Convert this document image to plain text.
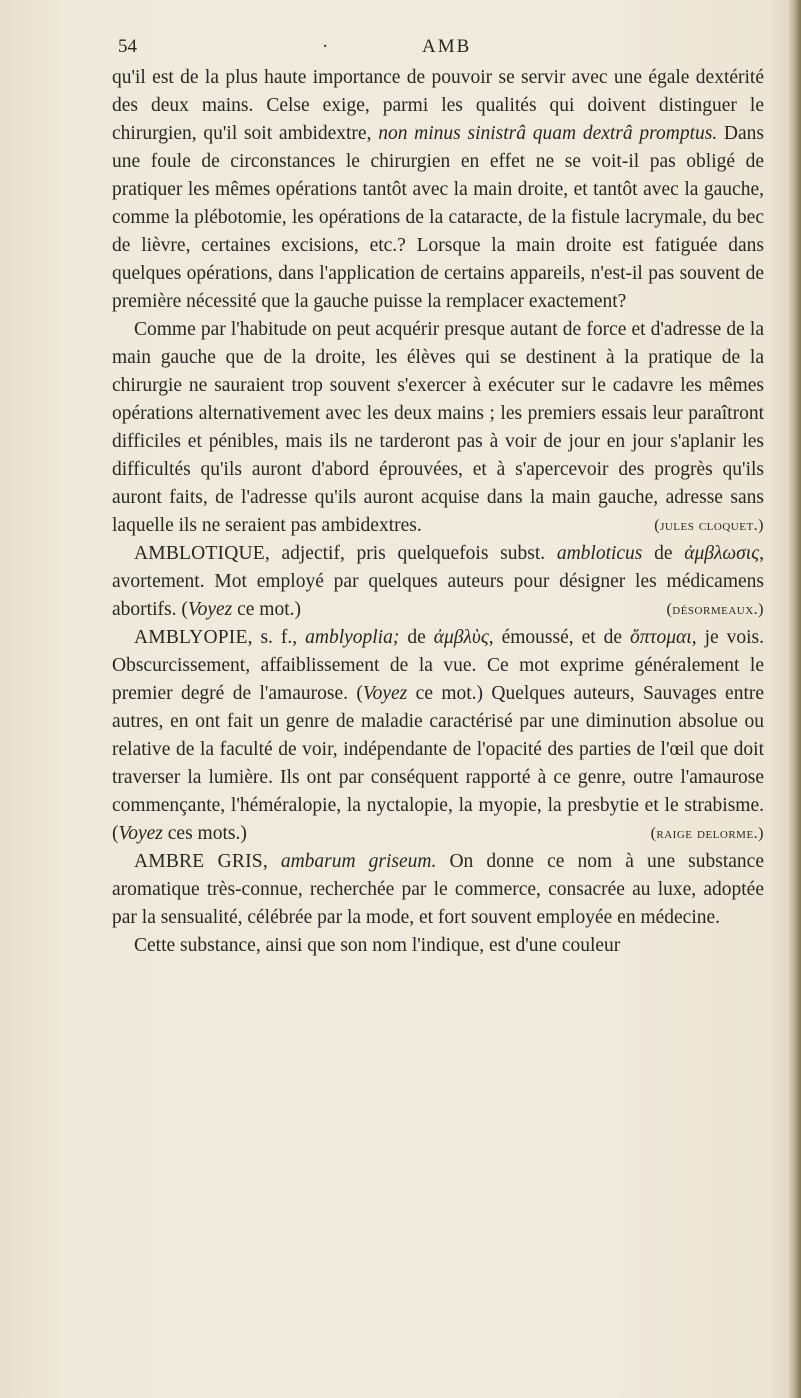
54	·	AMB

qu'il est de la plus haute importance de pouvoir se servir avec une égale dextérité des deux mains. Celse exige, parmi les qualités qui doivent distinguer le chirurgien, qu'il soit ambidextre, non minus sinistrâ quam dextrâ promptus. Dans une foule de circonstances le chirurgien en effet ne se voit-il pas obligé de pratiquer les mêmes opérations tantôt avec la main droite, et tantôt avec la gauche, comme la plébotomie, les opérations de la cataracte, de la fistule lacrymale, du bec de lièvre, certaines excisions, etc.? Lorsque la main droite est fatiguée dans quelques opérations, dans l'application de certains appareils, n'est-il pas souvent de première nécessité que la gauche puisse la remplacer exactement?

Comme par l'habitude on peut acquérir presque autant de force et d'adresse de la main gauche que de la droite, les élèves qui se destinent à la pratique de la chirurgie ne sauraient trop souvent s'exercer à exécuter sur le cadavre les mêmes opérations alternativement avec les deux mains ; les premiers essais leur paraîtront difficiles et pénibles, mais ils ne tarderont pas à voir de jour en jour s'aplanir les difficultés qu'ils auront d'abord éprouvées, et à s'apercevoir des progrès qu'ils auront faits, de l'adresse qu'ils auront acquise dans la main gauche, adresse sans laquelle ils ne seraient pas ambidextres.	(jules cloquet.)

AMBLOTIQUE, adjectif, pris quelquefois subst. ambloticus de ἀμβλωσις, avortement. Mot employé par quelques auteurs pour désigner les médicamens abortifs. (Voyez ce mot.)	(désormeaux.)

AMBLYOPIE, s. f., amblyoplia; de ἀμβλὺς, émoussé, et de ὄπτομαι, je vois. Obscurcissement, affaiblissement de la vue. Ce mot exprime généralement le premier degré de l'amaurose. (Voyez ce mot.) Quelques auteurs, Sauvages entre autres, en ont fait un genre de maladie caractérisé par une diminution absolue ou relative de la faculté de voir, indépendante de l'opacité des parties de l'œil que doit traverser la lumière. Ils ont par conséquent rapporté à ce genre, outre l'amaurose commençante, l'héméralopie, la nyctalopie, la myopie, la presbytie et le strabisme. (Voyez ces mots.)	(raige delorme.)

AMBRE GRIS, ambarum griseum. On donne ce nom à une substance aromatique très-connue, recherchée par le commerce, consacrée au luxe, adoptée par la sensualité, célébrée par la mode, et fort souvent employée en médecine.

Cette substance, ainsi que son nom l'indique, est d'une couleur
